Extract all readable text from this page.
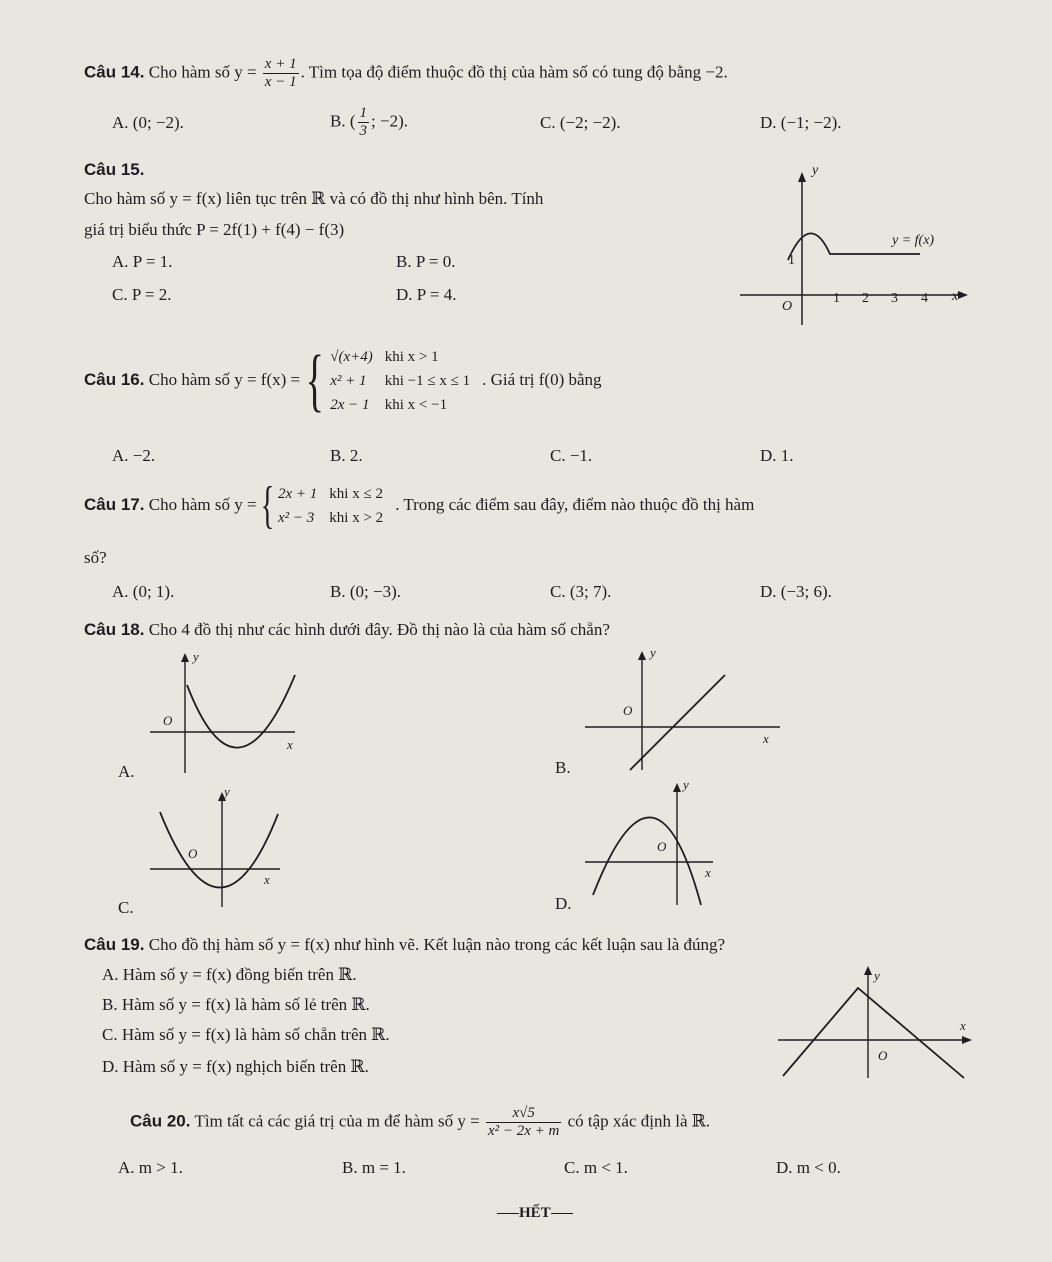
Câu 14. Cho hàm số $y = \frac{x + 1}{x - 1}$ . Tìm tọa độ điểm thuộc đồ thị của hàm số có tung độ bằng −2.
A. (0; −2).	B. ( $\frac{1}{3}$ ; −2).	C. (−2; −2).	D. (−1; −2).
Câu 15.
Cho hàm số y = f(x) liên tục trên ℝ và có đồ thị như hình bên. Tính
giá trị biểu thức P = 2f(1) + f(4) − f(3)
A. P = 1.	B. P = 0.
C. P = 2.	D. P = 4.
y
x
O
1
1 2 3 4
y = f(x)
Câu 16. Cho hàm số y = f(x) = { √(x+4)	khi x > 1
x² + 1	khi −1 ≤ x ≤ 1
2x − 1	khi x < −1
. Giá trị f(0) bằng
A. −2.	B. 2.	C. −1.	D. 1.
Câu 17. Cho hàm số y = { 2x + 1	khi x ≤ 2
x² − 3	khi x > 2
. Trong các điểm sau đây, điểm nào thuộc đồ thị hàm
số?
A. (0; 1).	B. (0; −3).	C. (3; 7).	D. (−3; 6).
Câu 18. Cho 4 đồ thị như các hình dưới đây. Đồ thị nào là của hàm số chẵn?
A.
y
O
x
B.
y
O
x
C.
y
O
x
D.
y
O
x
Câu 19. Cho đồ thị hàm số y = f(x) như hình vẽ. Kết luận nào trong các kết luận sau là đúng?
A. Hàm số y = f(x) đồng biến trên ℝ.
B. Hàm số y = f(x) là hàm số lẻ trên ℝ.
C. Hàm số y = f(x) là hàm số chẵn trên ℝ.
D. Hàm số y = f(x) nghịch biến trên ℝ.
y
x
O
Câu 20. Tìm tất cả các giá trị của m để hàm số $y = \frac{x√5}{\text{x² − 2x + m}}$ có tập xác định là ℝ.
A. m > 1.	B. m = 1.	C. m < 1.	D. m < 0.
HẾT
